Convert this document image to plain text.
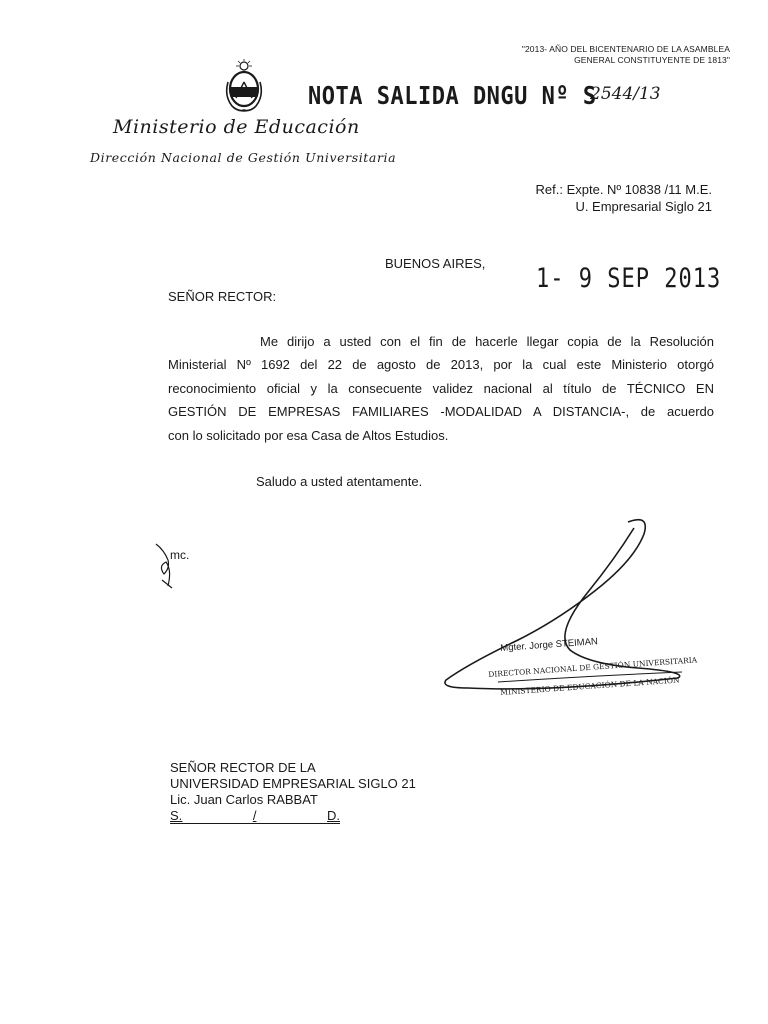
"2013- AÑO DEL BICENTENARIO DE LA ASAMBLEA
GENERAL CONSTITUYENTE DE 1813"
NOTA SALIDA DNGU Nº S
2544/13
Ministerio de Educación
Dirección Nacional de Gestión Universitaria
Ref.: Expte. Nº 10838 /11 M.E.
U. Empresarial Siglo 21
BUENOS AIRES,
1- 9 SEP 2013
SEÑOR RECTOR:
Me dirijo a usted con el fin de hacerle llegar copia de la Resolución
Ministerial Nº 1692 del 22 de agosto de 2013, por la cual este Ministerio otorgó
reconocimiento oficial y la consecuente validez nacional al título de TÉCNICO EN
GESTIÓN DE EMPRESAS FAMILIARES -MODALIDAD A DISTANCIA-, de acuerdo
con lo solicitado por esa Casa de Altos Estudios.
Saludo a usted atentamente.
mc.
Mgter. Jorge STEIMAN
DIRECTOR NACIONAL DE GESTIÓN UNIVERSITARIA
MINISTERIO DE EDUCACIÓN DE LA NACIÓN
SEÑOR RECTOR DE LA
UNIVERSIDAD EMPRESARIAL SIGLO 21
Lic. Juan Carlos RABBAT
S.	/	D.
